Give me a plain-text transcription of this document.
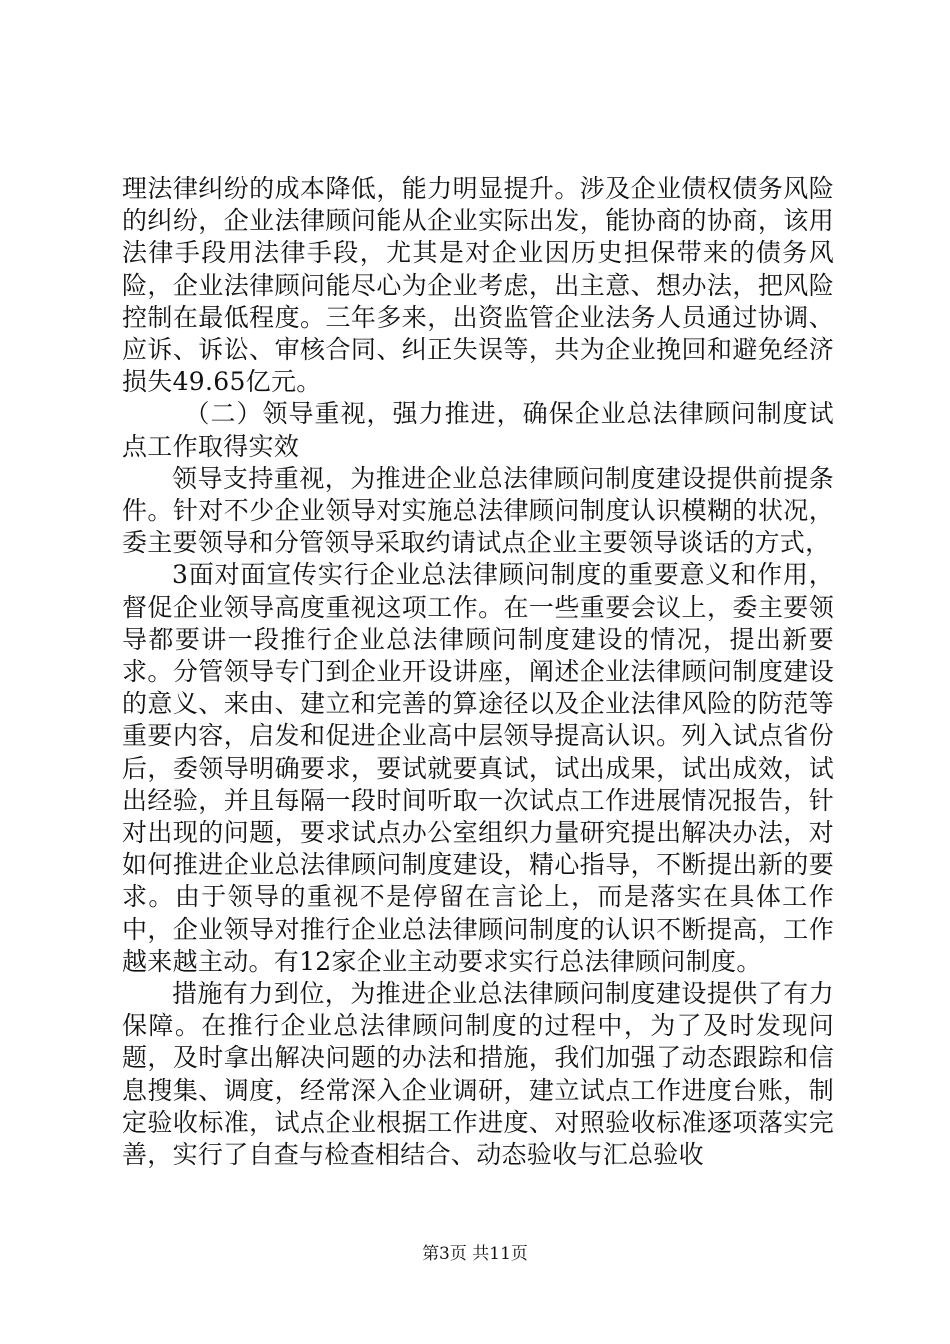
理法律纠纷的成本降低，能力明显提升。涉及企业债权债务风险的纠纷，企业法律顾问能从企业实际出发，能协商的协商，该用法律手段用法律手段，尤其是对企业因历史担保带来的债务风险，企业法律顾问能尽心为企业考虑，出主意、想办法，把风险控制在最低程度。三年多来，出资监管企业法务人员通过协调、应诉、诉讼、审核合同、纠正失误等，共为企业挽回和避免经济损失49.65亿元。

（二）领导重视，强力推进，确保企业总法律顾问制度试点工作取得实效

领导支持重视，为推进企业总法律顾问制度建设提供前提条件。针对不少企业领导对实施总法律顾问制度认识模糊的状况，委主要领导和分管领导采取约请试点企业主要领导谈话的方式，

3面对面宣传实行企业总法律顾问制度的重要意义和作用，督促企业领导高度重视这项工作。在一些重要会议上，委主要领导都要讲一段推行企业总法律顾问制度建设的情况，提出新要求。分管领导专门到企业开设讲座，阐述企业法律顾问制度建设的意义、来由、建立和完善的算途径以及企业法律风险的防范等重要内容，启发和促进企业高中层领导提高认识。列入试点省份后，委领导明确要求，要试就要真试，试出成果，试出成效，试出经验，并且每隔一段时间听取一次试点工作进展情况报告，针对出现的问题，要求试点办公室组织力量研究提出解决办法，对如何推进企业总法律顾问制度建设，精心指导，不断提出新的要求。由于领导的重视不是停留在言论上，而是落实在具体工作中，企业领导对推行企业总法律顾问制度的认识不断提高，工作越来越主动。有12家企业主动要求实行总法律顾问制度。

措施有力到位，为推进企业总法律顾问制度建设提供了有力保障。在推行企业总法律顾问制度的过程中，为了及时发现问题，及时拿出解决问题的办法和措施，我们加强了动态跟踪和信息搜集、调度，经常深入企业调研，建立试点工作进度台账，制定验收标准，试点企业根据工作进度、对照验收标准逐项落实完善，实行了自查与检查相结合、动态验收与汇总验收

第3页 共11页
